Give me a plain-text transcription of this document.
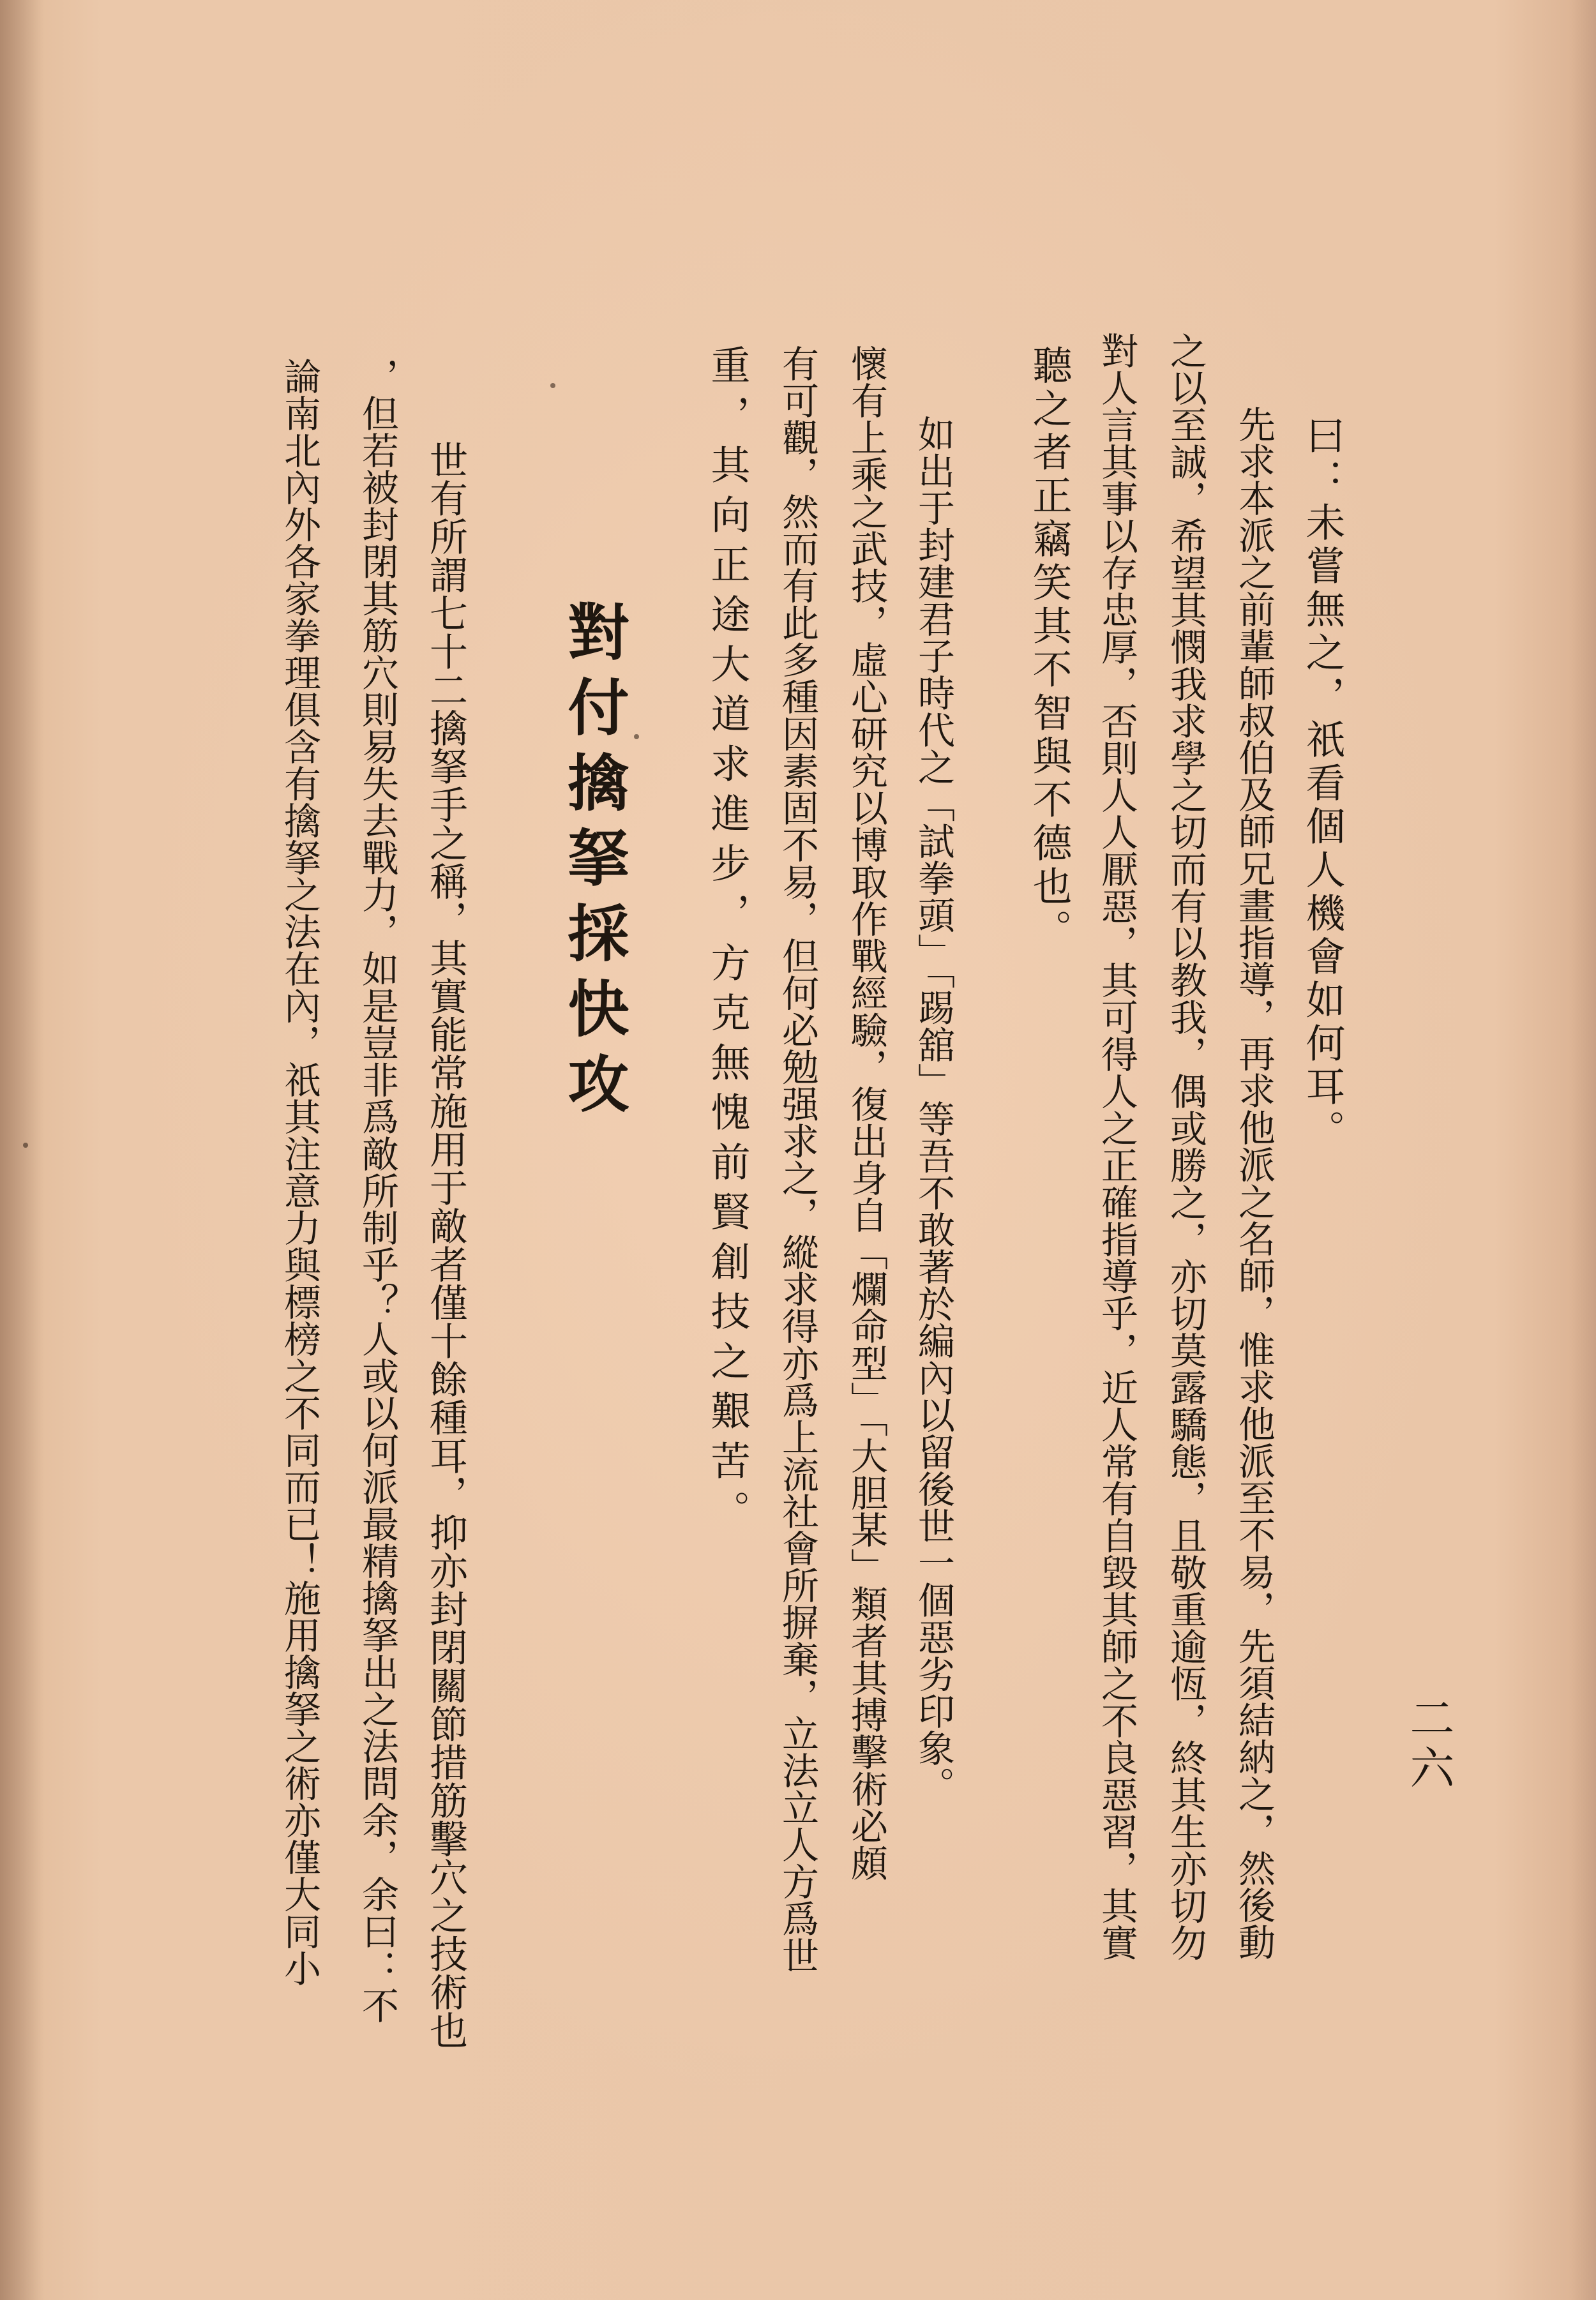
二六
曰：未嘗無之，祇看個人機會如何耳。
先求本派之前輩師叔伯及師兄畫指導，再求他派之名師，惟求他派至不易，先須結納之，然後動
之以至誠，希望其憫我求學之切而有以教我，偶或勝之，亦切莫露驕態，且敬重逾恆，終其生亦切勿
對人言其事以存忠厚，否則人人厭惡，其可得人之正確指導乎，近人常有自毀其師之不良惡習，其實
聽之者正竊笑其不智與不德也。
如出于封建君子時代之「試拳頭」「踢舘」等吾不敢著於編內以留後世一個惡劣印象。
懷有上乘之武技，虛心研究以博取作戰經驗，復出身自「爛命型」「大胆某」類者其搏擊術必頗
有可觀，然而有此多種因素固不易，但何必勉强求之，縱求得亦爲上流社會所摒棄，立法立人方爲世
重，其向正途大道求進步，方克無愧前賢創技之艱苦。
對付擒拏採快攻
世有所謂七十二擒拏手之稱，其實能常施用于敵者僅十餘種耳，抑亦封閉關節措筋擊穴之技術也
，但若被封閉其筋穴則易失去戰力，如是豈非爲敵所制乎？人或以何派最精擒拏出之法問余，余曰：不
論南北內外各家拳理俱含有擒拏之法在內，祇其注意力與標榜之不同而已！施用擒拏之術亦僅大同小
